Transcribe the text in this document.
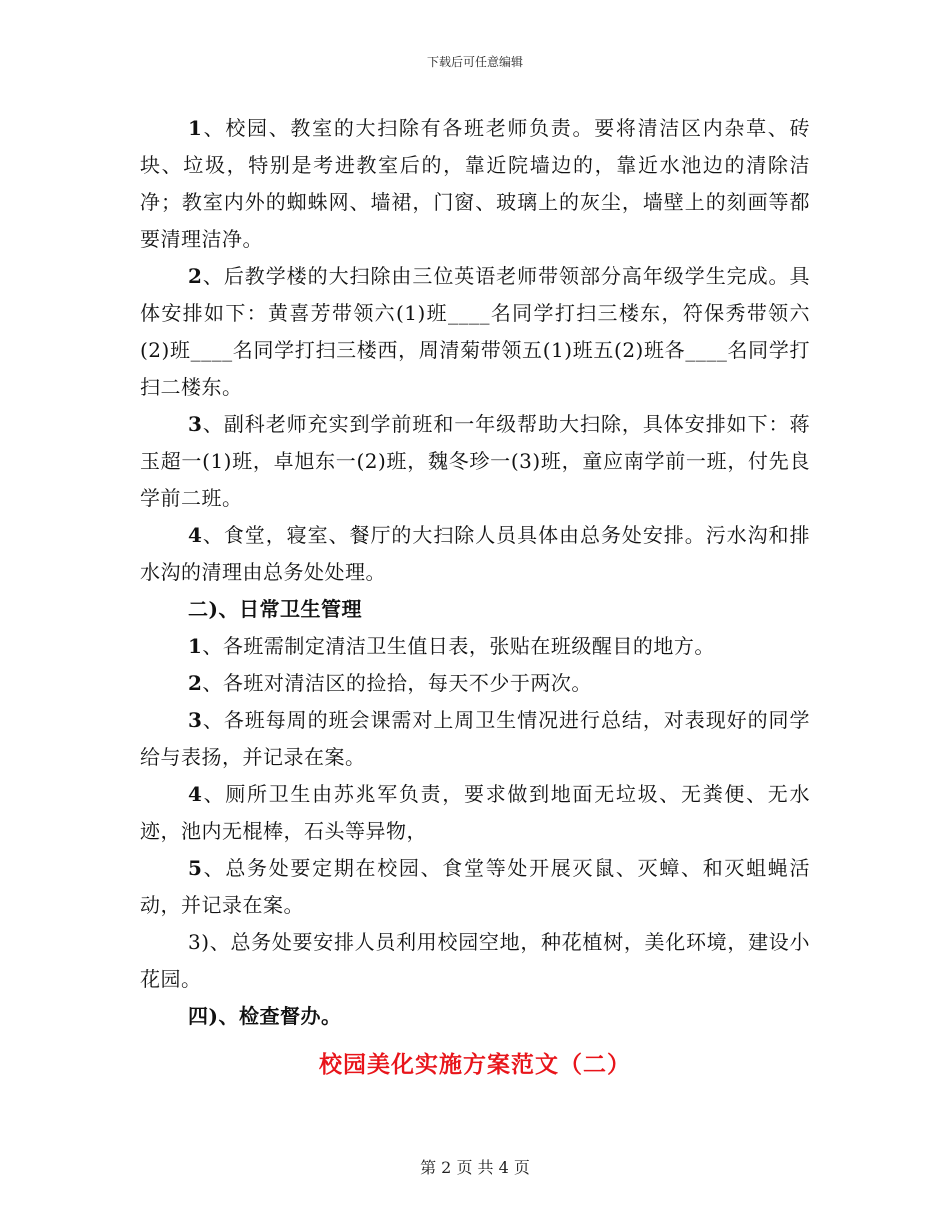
下载后可任意编辑

1、校园、教室的大扫除有各班老师负责。要将清洁区内杂草、砖块、垃圾，特别是考进教室后的，靠近院墙边的，靠近水池边的清除洁净；教室内外的蜘蛛网、墙裙，门窗、玻璃上的灰尘，墙壁上的刻画等都要清理洁净。

2、后教学楼的大扫除由三位英语老师带领部分高年级学生完成。具体安排如下：黄喜芳带领六(1)班____名同学打扫三楼东，符保秀带领六(2)班____名同学打扫三楼西，周清菊带领五(1)班五(2)班各____名同学打扫二楼东。

3、副科老师充实到学前班和一年级帮助大扫除，具体安排如下：蒋玉超一(1)班，卓旭东一(2)班，魏冬珍一(3)班，童应南学前一班，付先良学前二班。

4、食堂，寝室、餐厅的大扫除人员具体由总务处安排。污水沟和排水沟的清理由总务处处理。

二)、日常卫生管理

1、各班需制定清洁卫生值日表，张贴在班级醒目的地方。

2、各班对清洁区的捡拾，每天不少于两次。

3、各班每周的班会课需对上周卫生情况进行总结，对表现好的同学给与表扬，并记录在案。

4、厕所卫生由苏兆军负责，要求做到地面无垃圾、无粪便、无水迹，池内无棍棒，石头等异物，

5、总务处要定期在校园、食堂等处开展灭鼠、灭蟑、和灭蛆蝇活动，并记录在案。

3)、总务处要安排人员利用校园空地，种花植树，美化环境，建设小花园。

四)、检查督办。

校园美化实施方案范文（二）

第 2 页 共 4 页
